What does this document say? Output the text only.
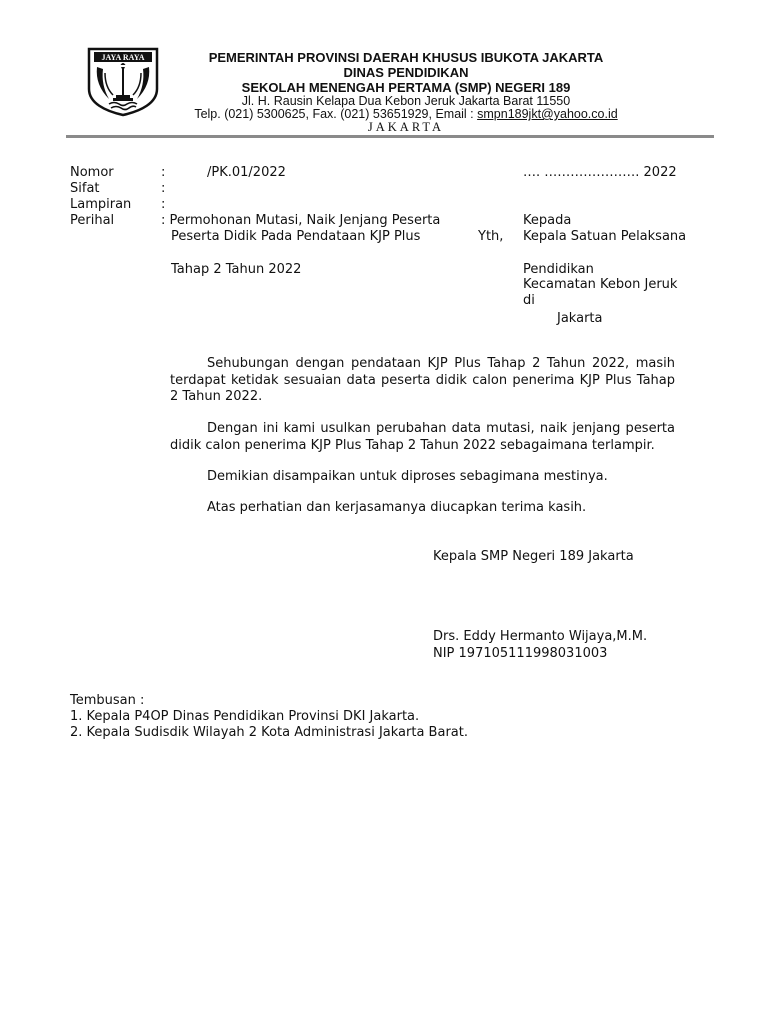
JAYA RAYA	PEMERINTAH PROVINSI DAERAH KHUSUS IBUKOTA JAKARTA
DINAS PENDIDIKAN
SEKOLAH MENENGAH PERTAMA (SMP) NEGERI 189
Jl. H. Rausin Kelapa Dua Kebon Jeruk Jakarta Barat 11550
Telp. (021) 5300625, Fax. (021) 53651929, Email : smpn189jkt@yahoo.co.id
JAKARTA
Nomor	:	/PK.01/2022	…. …………………. 2022
Sifat	:
Lampiran :
Perihal	: Permohonan Mutasi, Naik Jenjang Peserta
Peserta Didik Pada Pendataan KJP Plus
Tahap 2 Tahun 2022
Kepada
Yth, Kepala Satuan Pelaksana
Pendidikan
Kecamatan Kebon Jeruk
di
Jakarta
Sehubungan dengan pendataan KJP Plus Tahap 2 Tahun 2022, masih terdapat ketidak sesuaian data peserta didik calon penerima KJP Plus Tahap 2 Tahun 2022.
Dengan ini kami usulkan perubahan data mutasi, naik jenjang peserta didik calon penerima KJP Plus Tahap 2 Tahun 2022 sebagaimana terlampir.
Demikian disampaikan untuk diproses sebagimana mestinya.
Atas perhatian dan kerjasamanya diucapkan terima kasih.
Kepala SMP Negeri 189 Jakarta
Drs. Eddy Hermanto Wijaya,M.M.
NIP 197105111998031003
Tembusan :
1. Kepala P4OP Dinas Pendidikan Provinsi DKI Jakarta.
2. Kepala Sudisdik Wilayah 2 Kota Administrasi Jakarta Barat.
